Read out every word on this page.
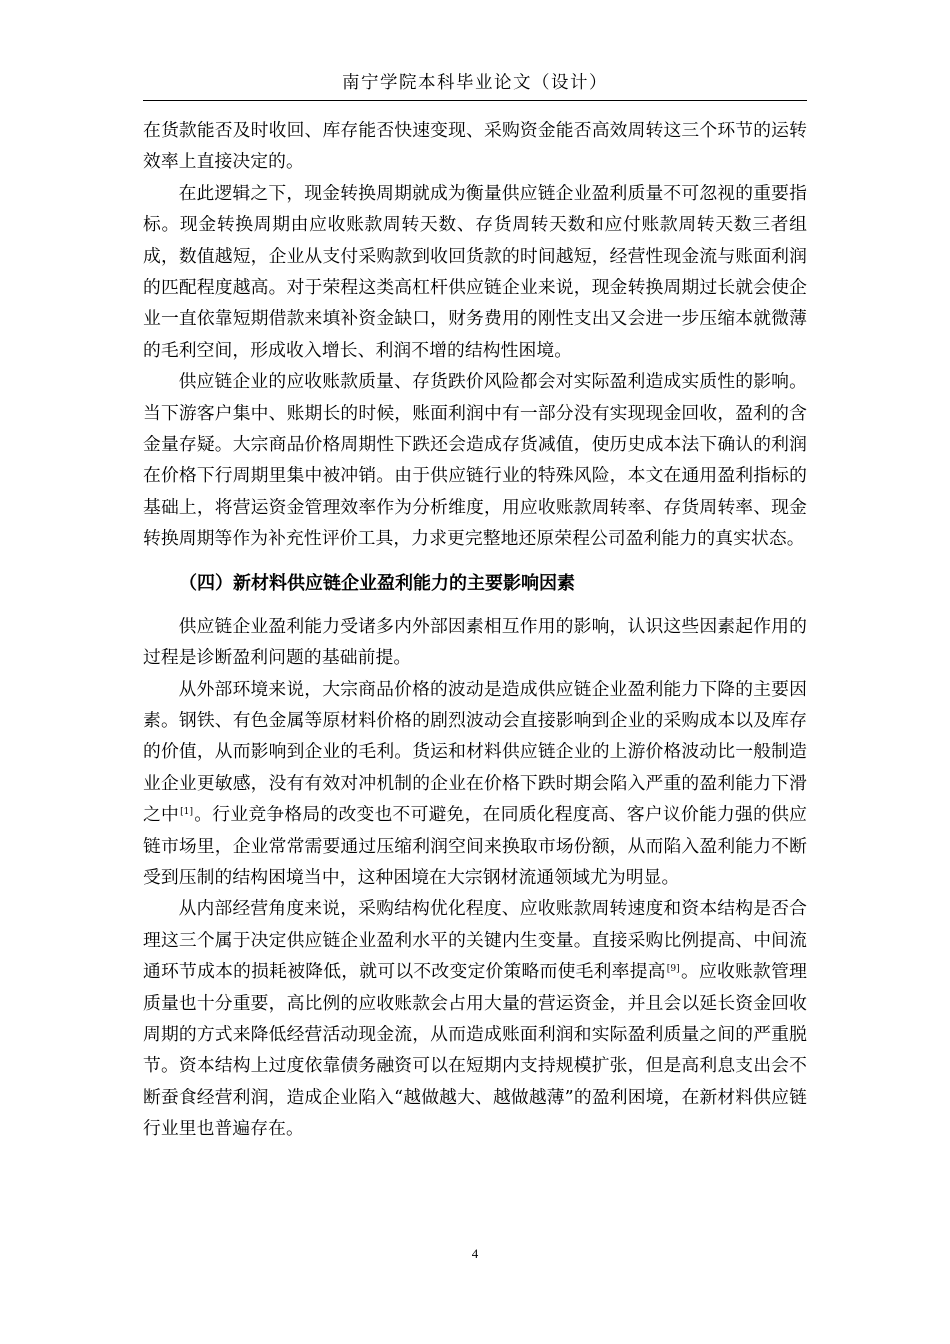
南宁学院本科毕业论文（设计）

在货款能否及时收回、库存能否快速变现、采购资金能否高效周转这三个环节的运转效率上直接决定的。

在此逻辑之下，现金转换周期就成为衡量供应链企业盈利质量不可忽视的重要指标。现金转换周期由应收账款周转天数、存货周转天数和应付账款周转天数三者组成，数值越短，企业从支付采购款到收回货款的时间越短，经营性现金流与账面利润的匹配程度越高。对于荣程这类高杠杆供应链企业来说，现金转换周期过长就会使企业一直依靠短期借款来填补资金缺口，财务费用的刚性支出又会进一步压缩本就微薄的毛利空间，形成收入增长、利润不增的结构性困境。

供应链企业的应收账款质量、存货跌价风险都会对实际盈利造成实质性的影响。当下游客户集中、账期长的时候，账面利润中有一部分没有实现现金回收，盈利的含金量存疑。大宗商品价格周期性下跌还会造成存货减值，使历史成本法下确认的利润在价格下行周期里集中被冲销。由于供应链行业的特殊风险，本文在通用盈利指标的基础上，将营运资金管理效率作为分析维度，用应收账款周转率、存货周转率、现金转换周期等作为补充性评价工具，力求更完整地还原荣程公司盈利能力的真实状态。

（四）新材料供应链企业盈利能力的主要影响因素

供应链企业盈利能力受诸多内外部因素相互作用的影响，认识这些因素起作用的过程是诊断盈利问题的基础前提。

从外部环境来说，大宗商品价格的波动是造成供应链企业盈利能力下降的主要因素。钢铁、有色金属等原材料价格的剧烈波动会直接影响到企业的采购成本以及库存的价值，从而影响到企业的毛利。货运和材料供应链企业的上游价格波动比一般制造业企业更敏感，没有有效对冲机制的企业在价格下跌时期会陷入严重的盈利能力下滑之中[1]。行业竞争格局的改变也不可避免，在同质化程度高、客户议价能力强的供应链市场里，企业常常需要通过压缩利润空间来换取市场份额，从而陷入盈利能力不断受到压制的结构困境当中，这种困境在大宗钢材流通领域尤为明显。

从内部经营角度来说，采购结构优化程度、应收账款周转速度和资本结构是否合理这三个属于决定供应链企业盈利水平的关键内生变量。直接采购比例提高、中间流通环节成本的损耗被降低，就可以不改变定价策略而使毛利率提高[9]。应收账款管理质量也十分重要，高比例的应收账款会占用大量的营运资金，并且会以延长资金回收周期的方式来降低经营活动现金流，从而造成账面利润和实际盈利质量之间的严重脱节。资本结构上过度依靠债务融资可以在短期内支持规模扩张，但是高利息支出会不断蚕食经营利润，造成企业陷入“越做越大、越做越薄”的盈利困境，在新材料供应链行业里也普遍存在。

4
